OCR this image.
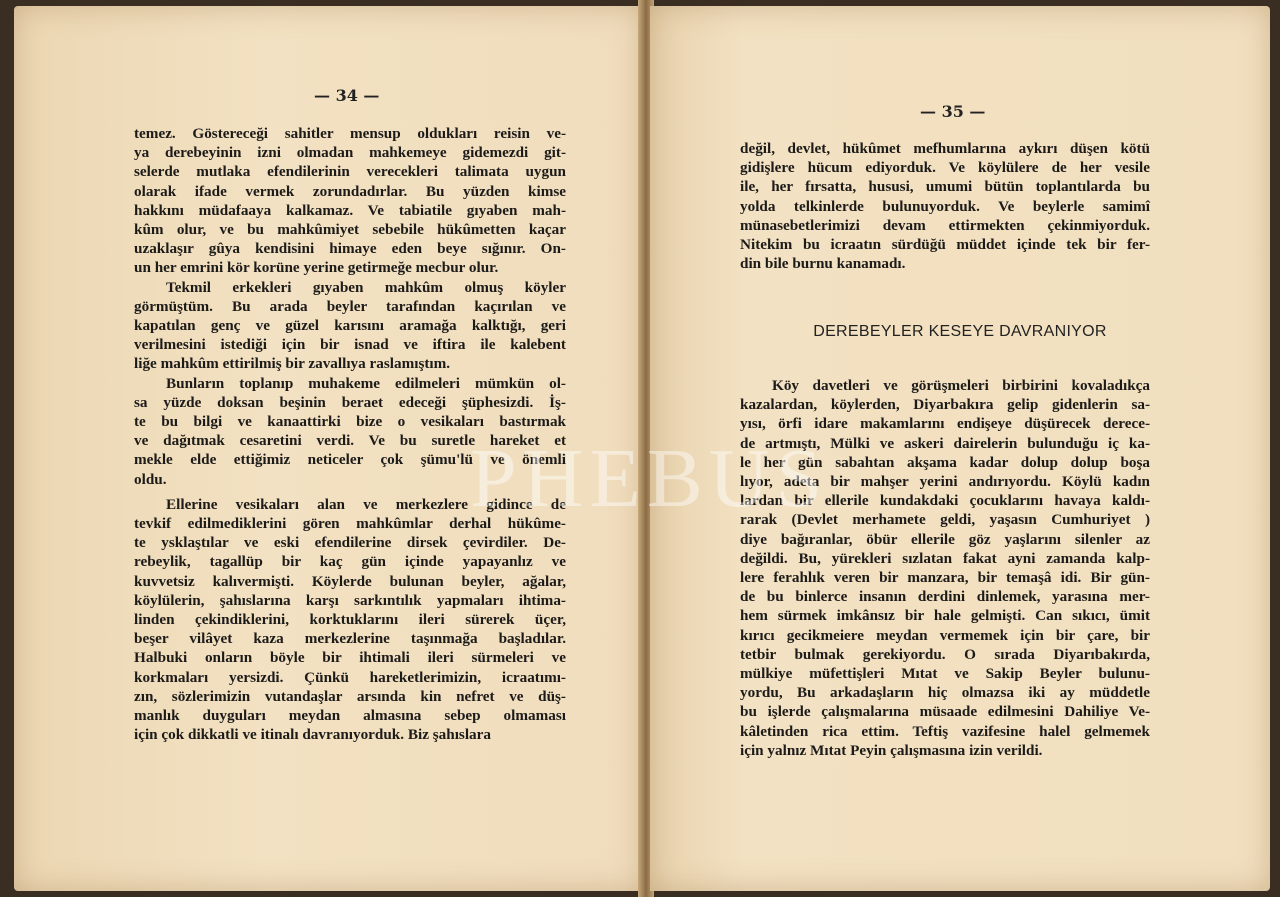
— 34 —

temez. Göstereceği sahitler mensup oldukları reisin ve-

ya derebeyinin izni olmadan mahkemeye gidemezdi git-

selerde mutlaka efendilerinin verecekleri talimata uygun

olarak ifade vermek zorundadırlar. Bu yüzden kimse

hakkını müdafaaya kalkamaz. Ve tabiatile gıyaben mah-

kûm olur, ve bu mahkûmiyet sebebile hükûmetten kaçar

uzaklaşır gûya kendisini himaye eden beye sığınır. On-

un her emrini kör korüne yerine getirmeğe mecbur olur.

Tekmil erkekleri gıyaben mahkûm olmuş köyler

görmüştüm. Bu arada beyler tarafından kaçırılan ve

kapatılan genç ve güzel karısını aramağa kalktığı, geri

verilmesini istediği için bir isnad ve iftira ile kalebent

liğe mahkûm ettirilmiş bir zavallıya raslamıştım.

Bunların toplanıp muhakeme edilmeleri mümkün ol-

sa yüzde doksan beşinin beraet edeceği şüphesizdi. İş-

te bu bilgi ve kanaattirki bize o vesikaları bastırmak

ve dağıtmak cesaretini verdi. Ve bu suretle hareket et

mekle elde ettiğimiz neticeler çok şümu'lü ve önemli

oldu.

Ellerine vesikaları alan ve merkezlere gidince de

tevkif edilmediklerini gören mahkûmlar derhal hükûme-

te ysklaştılar ve eski efendilerine dirsek çevirdiler. De-

rebeylik, tagallüp bir kaç gün içinde yapayanlız ve

kuvvetsiz kalıvermişti. Köylerde bulunan beyler, ağalar,

köylülerin, şahıslarına karşı sarkıntılık yapmaları ihtima-

linden çekindiklerini, korktuklarını ileri sürerek üçer,

beşer vilâyet kaza merkezlerine taşınmağa başladılar.

Halbuki onların böyle bir ihtimali ileri sürmeleri ve

korkmaları yersizdi. Çünkü hareketlerimizin, icraatımı-

zın, sözlerimizin vutandaşlar arsında kin nefret ve düş-

manlık duyguları meydan almasına sebep olmaması

için çok dikkatli ve itinalı davranıyorduk. Biz şahıslara

— 35 —

değil, devlet, hükûmet mefhumlarına aykırı düşen kötü

gidişlere hücum ediyorduk. Ve köylülere de her vesile

ile, her fırsatta, hususi, umumi bütün toplantılarda bu

yolda telkinlerde bulunuyorduk. Ve beylerle samimî

münasebetlerimizi devam ettirmekten çekinmiyorduk.

Nitekim bu icraatın sürdüğü müddet içinde tek bir fer-

din bile burnu kanamadı.

DEREBEYLER KESEYE DAVRANIYOR

Köy davetleri ve görüşmeleri birbirini kovaladıkça

kazalardan, köylerden, Diyarbakıra gelip gidenlerin sa-

yısı, örfi idare makamlarını endişeye düşürecek derece-

de artmıştı, Mülki ve askeri dairelerin bulunduğu iç ka-

le her gün sabahtan akşama kadar dolup dolup boşa

lıyor, adeta bir mahşer yerini andırıyordu. Köylü kadın

lardan bir ellerile kundakdaki çocuklarını havaya kaldı-

rarak (Devlet merhamete geldi, yaşasın Cumhuriyet )

diye bağıranlar, öbür ellerile göz yaşlarını silenler az

değildi. Bu, yürekleri sızlatan fakat ayni zamanda kalp-

lere ferahlık veren bir manzara, bir temaşâ idi. Bir gün-

de bu binlerce insanın derdini dinlemek, yarasına mer-

hem sürmek imkânsız bir hale gelmişti. Can sıkıcı, ümit

kırıcı gecikmeiere meydan vermemek için bir çare, bir

tetbir bulmak gerekiyordu. O sırada Diyarıbakırda,

mülkiye müfettişleri Mıtat ve Sakip Beyler bulunu-

yordu, Bu arkadaşların hiç olmazsa iki ay müddetle

bu işlerde çalışmalarına müsaade edilmesini Dahiliye Ve-

kâletinden rica ettim. Teftiş vazifesine halel gelmemek

için yalnız Mıtat Peyin çalışmasına izin verildi.

PHEBUS
